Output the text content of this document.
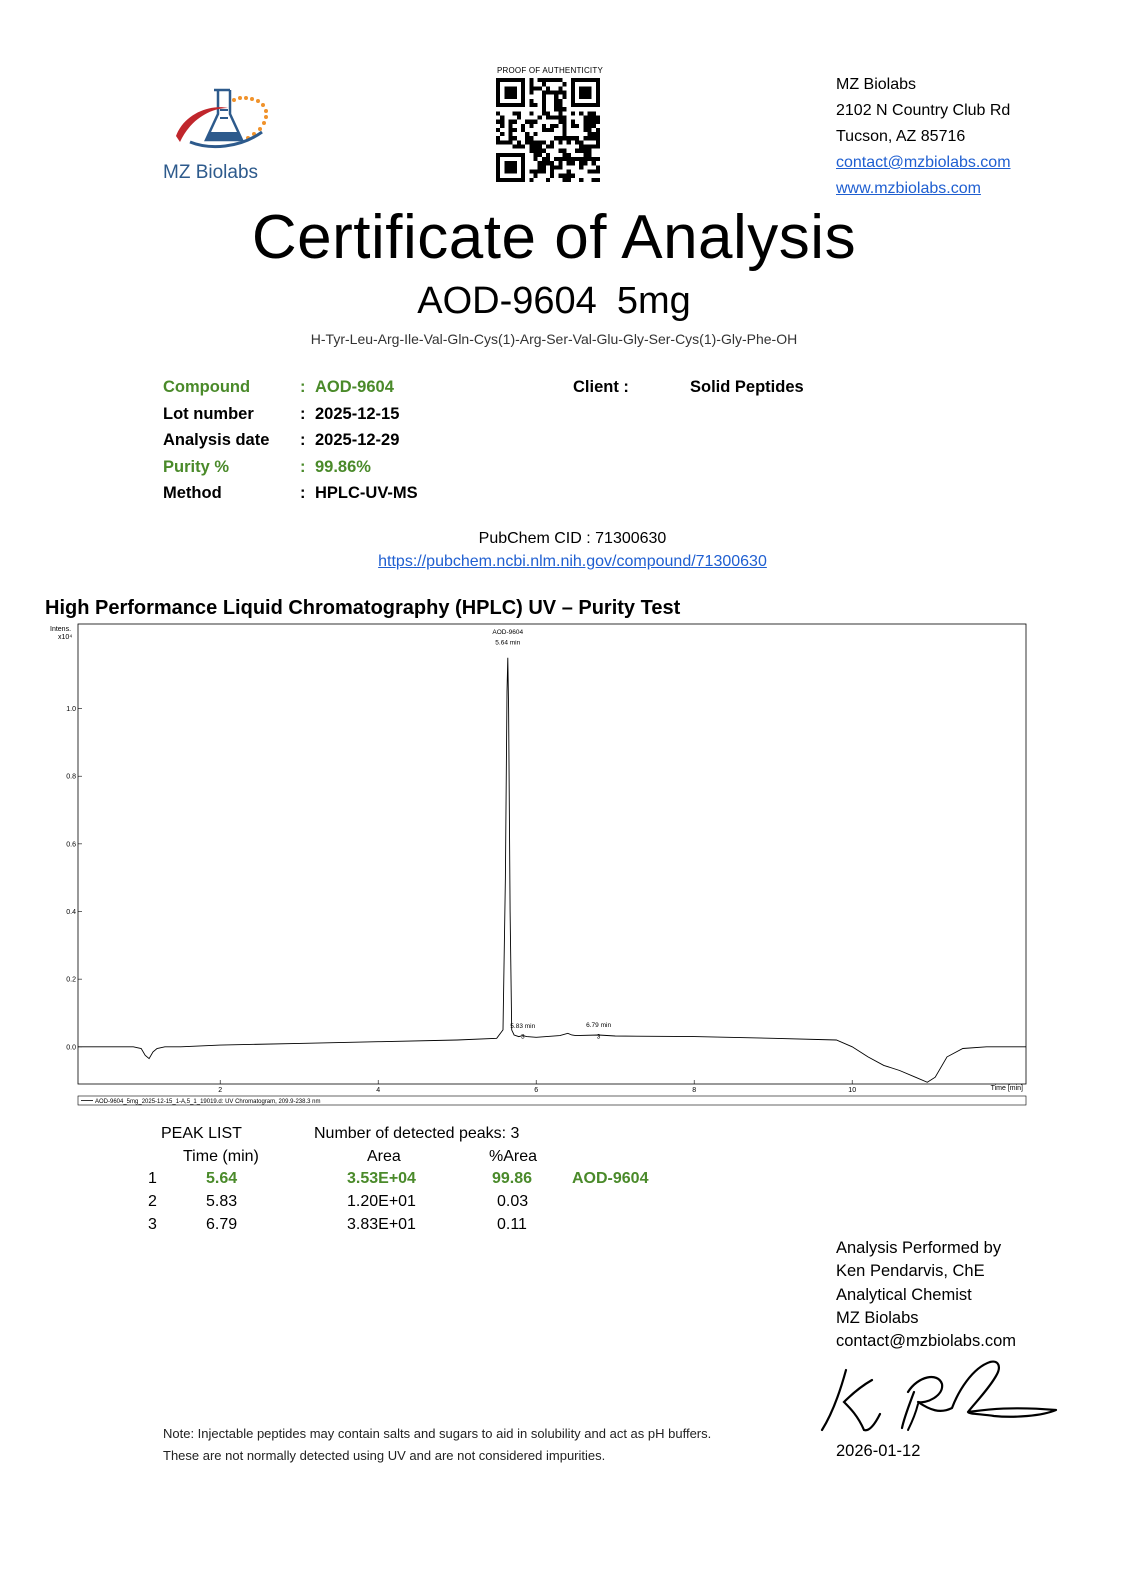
MZ Biolabs
PROOF OF AUTHENTICITY
MZ Biolabs
2102 N Country Club Rd
Tucson, AZ 85716
contact@mzbiolabs.com
www.mzbiolabs.com
Certificate of Analysis
AOD-9604 5mg
H-Tyr-Leu-Arg-Ile-Val-Gln-Cys(1)-Arg-Ser-Val-Glu-Gly-Ser-Cys(1)-Gly-Phe-OH
Compound	: AOD-9604	Client :	Solid Peptides
Lot number	: 2025-12-15
Analysis date : 2025-12-29
Purity %	: 99.86%
Method	: HPLC-UV-MS
PubChem CID : 71300630
https://pubchem.ncbi.nlm.nih.gov/compound/71300630
High Performance Liquid Chromatography (HPLC) UV – Purity Test
Intens.
x10⁴
0.0
0.2
0.4
0.6
0.8
1.0
2	4	6	8	10	Time [min]
AOD-9604
5.64 min
5.83 min
3
6.79 min
3
AOD-9604_5mg_2025-12-15_1-A,5_1_19019.d: UV Chromatogram, 209.9-238.3 nm
PEAK LIST	Number of detected peaks: 3
Time (min)	Area	%Area
1	5.64	3.53E+04	99.86 AOD-9604
2	5.83	1.20E+01	0.03
3	6.79	3.83E+01	0.11
Analysis Performed by
Ken Pendarvis, ChE
Analytical Chemist
MZ Biolabs
contact@mzbiolabs.com
2026-01-12
Note: Injectable peptides may contain salts and sugars to aid in solubility and act as pH buffers.
These are not normally detected using UV and are not considered impurities.
